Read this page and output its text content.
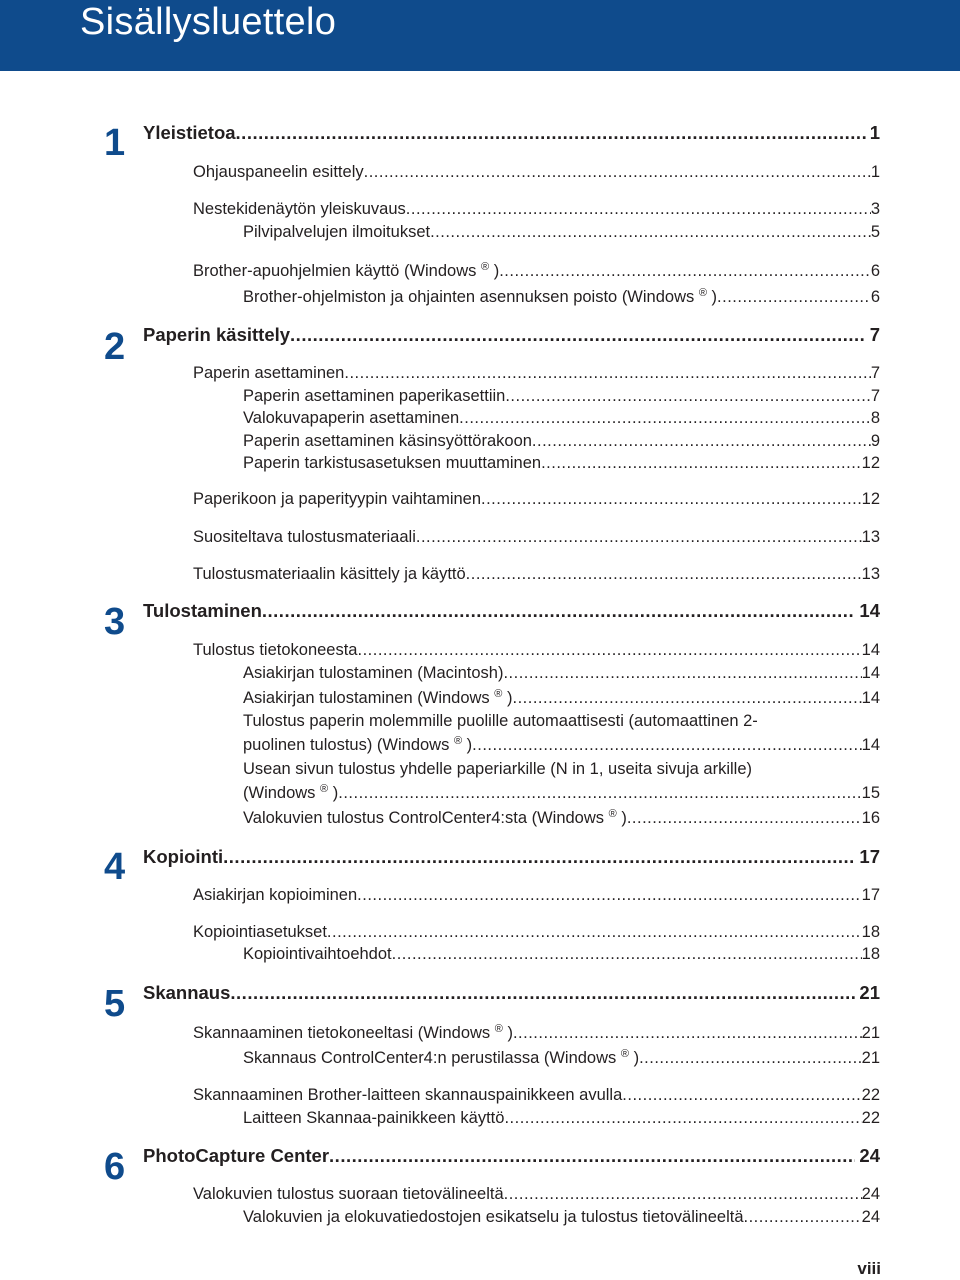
Sisällysluettelo
1 Yleistietoa .....	1
Ohjauspaneelin esittely .....	1
Nestekidenäytön yleiskuvaus .....	3
Pilvipalvelujen ilmoitukset .....	5
Brother-apuohjelmien käyttö (Windows ® ) .....	6
Brother-ohjelmiston ja ohjainten asennuksen poisto (Windows ® ) .....	6
2 Paperin käsittely .....	7
Paperin asettaminen .....	7
Paperin asettaminen paperikasettiin .....	7
Valokuvapaperin asettaminen .....	8
Paperin asettaminen käsinsyöttörakoon .....	9
Paperin tarkistusasetuksen muuttaminen .....	12
Paperikoon ja paperityypin vaihtaminen .....	12
Suositeltava tulostusmateriaali .....	13
Tulostusmateriaalin käsittely ja käyttö .....	13
3 Tulostaminen .....	14
Tulostus tietokoneesta .....	14
Asiakirjan tulostaminen (Macintosh) .....	14
Asiakirjan tulostaminen (Windows ® ) .....	14
Tulostus paperin molemmille puolille automaattisesti (automaattinen 2-
puolinen tulostus) (Windows ® ) .....	14
Usean sivun tulostus yhdelle paperiarkille (N in 1, useita sivuja arkille)
(Windows ® ) .....	15
Valokuvien tulostus ControlCenter4:sta (Windows ® ) .....	16
4 Kopiointi .....	17
Asiakirjan kopioiminen .....	17
Kopiointiasetukset .....	18
Kopiointivaihtoehdot .....	18
5 Skannaus .....	21
Skannaaminen tietokoneeltasi (Windows ® ) .....	21
Skannaus ControlCenter4:n perustilassa (Windows ® ) .....	21
Skannaaminen Brother-laitteen skannauspainikkeen avulla .....	22
Laitteen Skannaa-painikkeen käyttö .....	22
6 PhotoCapture Center .....	24
Valokuvien tulostus suoraan tietovälineeltä .....	24
Valokuvien ja elokuvatiedostojen esikatselu ja tulostus tietovälineeltä .....	24
viii
